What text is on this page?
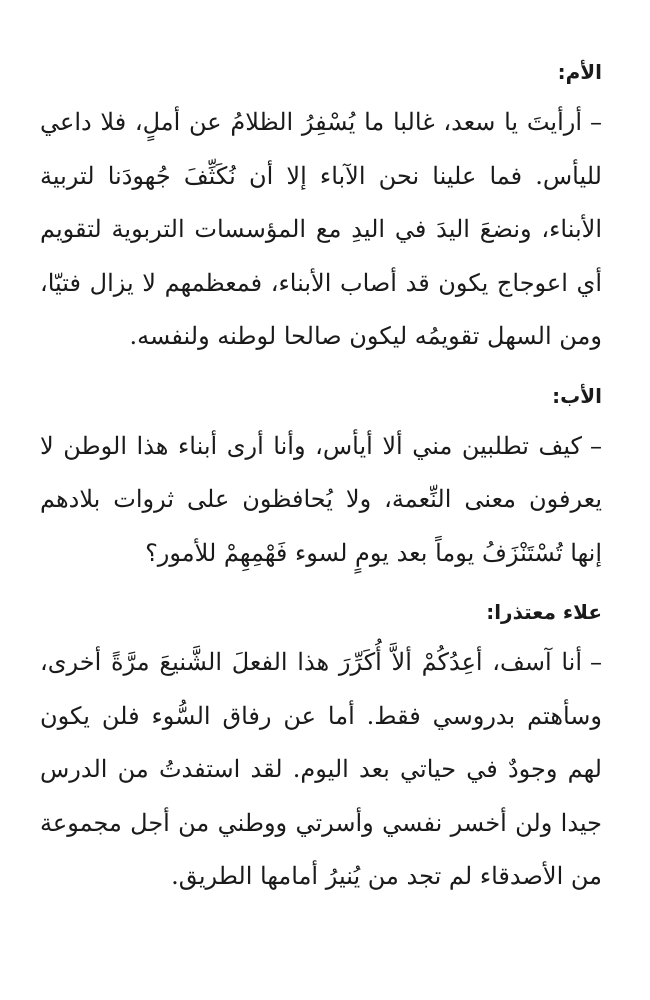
الأم:

–أرأيتَ يا سعد، غالبا ما يُسْفِرُ الظلامُ عن أملٍ، فلا داعي لليأس. فما علينا نحن الآباء إلا أن نُكَثِّفَ جُهودَنا لتربية الأبناء، ونضعَ اليدَ في اليدِ مع المؤسسات التربوية لتقويم أي اعوجاج يكون قد أصاب الأبناء، فمعظمهم لا يزال فتيّا، ومن السهل تقويمُه ليكون صالحا لوطنه ولنفسه.

الأب:

–كيف تطلبين مني ألا أيأس، وأنا أرى أبناء هذا الوطن لا يعرفون معنى النِّعمة، ولا يُحافظون على ثروات بلادهم إنها تُسْتَنْزَفُ يوماً بعد يومٍ لسوء فَهْمِهِمْ للأمور؟

علاء معتذرا:

–أنا آسف، أعِدُكُمْ ألاَّ أُكَرِّرَ هذا الفعلَ الشَّنيعَ مرَّةً أخرى، وسأهتم بدروسي فقط. أما عن رفاق السُّوء فلن يكون لهم وجودٌ في حياتي بعد اليوم. لقد استفدتُ من الدرس جيدا ولن أخسر نفسي وأسرتي ووطني من أجل مجموعة من الأصدقاء لم تجد من يُنيرُ أمامها الطريق.
